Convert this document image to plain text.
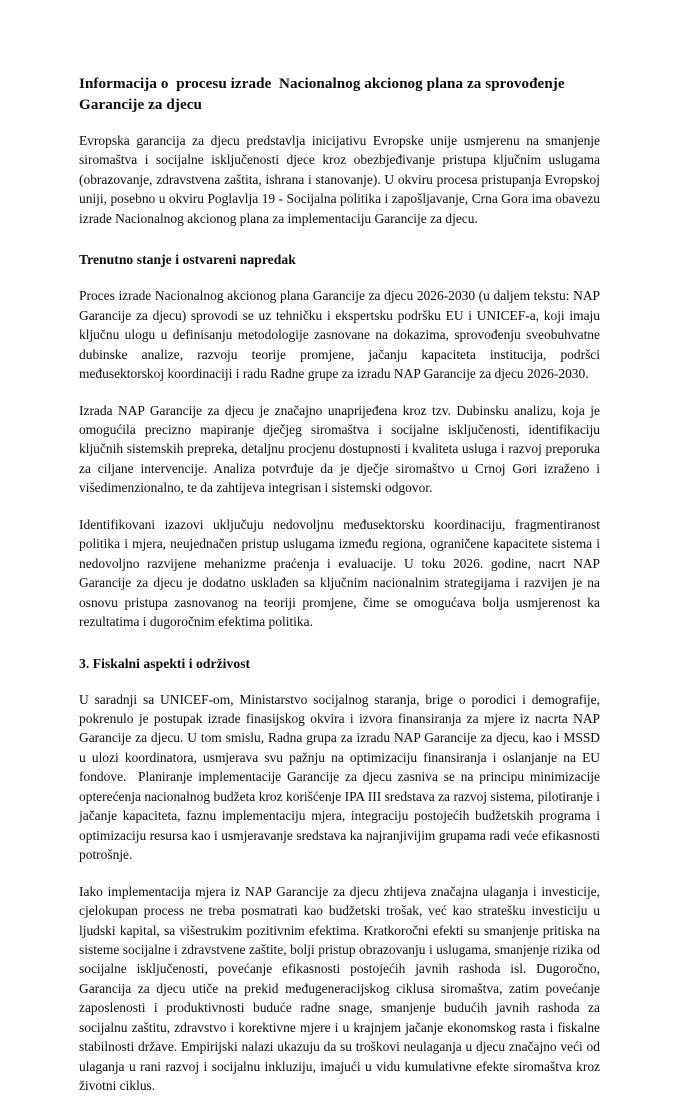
Informacija o  procesu izrade  Nacionalnog akcionog plana za sprovođenje Garancije za djecu

Evropska garancija za djecu predstavlja inicijativu Evropske unije usmjerenu na smanjenje siromaštva i socijalne isključenosti djece kroz obezbjeđivanje pristupa ključnim uslugama (obrazovanje, zdravstvena zaštita, ishrana i stanovanje). U okviru procesa pristupanja Evropskoj uniji, posebno u okviru Poglavlja 19 - Socijalna politika i zapošljavanje, Crna Gora ima obavezu izrade Nacionalnog akcionog plana za implementaciju Garancije za djecu.

Trenutno stanje i ostvareni napredak

Proces izrade Nacionalnog akcionog plana Garancije za djecu 2026-2030 (u daljem tekstu: NAP Garancije za djecu) sprovodi se uz tehničku i ekspertsku podršku EU i UNICEF-a, koji imaju ključnu ulogu u definisanju metodologije zasnovane na dokazima, sprovođenju sveobuhvatne dubinske analize, razvoju teorije promjene, jačanju kapaciteta institucija, podršci međusektorskoj koordinaciji i radu Radne grupe za izradu NAP Garancije za djecu 2026-2030.

Izrada NAP Garancije za djecu je značajno unaprijeđena kroz tzv. Dubinsku analizu, koja je omogućila precizno mapiranje dječjeg siromaštva i socijalne isključenosti, identifikaciju ključnih sistemskih prepreka, detaljnu procjenu dostupnosti i kvaliteta usluga i razvoj preporuka za ciljane intervencije. Analiza potvrđuje da je dječje siromaštvo u Crnoj Gori izraženo i višedimenzionalno, te da zahtijeva integrisan i sistemski odgovor.

Identifikovani izazovi uključuju nedovoljnu međusektorsku koordinaciju, fragmentiranost politika i mjera, neujednačen pristup uslugama između regiona, ograničene kapacitete sistema i nedovoljno razvijene mehanizme praćenja i evaluacije. U toku 2026. godine, nacrt NAP Garancije za djecu je dodatno usklađen sa ključnim nacionalnim strategijama i razvijen je na osnovu pristupa zasnovanog na teoriji promjene, čime se omogućava bolja usmjerenost ka rezultatima i dugoročnim efektima politika.

3. Fiskalni aspekti i održivost

U saradnji sa UNICEF-om, Ministarstvo socijalnog staranja, brige o porodici i demografije, pokrenulo je postupak izrade finasijskog okvira i izvora finansiranja za mjere iz nacrta NAP Garancije za djecu. U tom smislu, Radna grupa za izradu NAP Garancije za djecu, kao i MSSD u ulozi koordinatora, usmjerava svu pažnju na optimizaciju finansiranja i oslanjanje na EU fondove.  Planiranje implementacije Garancije za djecu zasniva se na principu minimizacije opterećenja nacionalnog budžeta kroz korišćenje IPA III sredstava za razvoj sistema, pilotiranje i jačanje kapaciteta, faznu implementaciju mjera, integraciju postojećih budžetskih programa i optimizaciju resursa kao i usmjeravanje sredstava ka najranjivijim grupama radi veće efikasnosti potrošnje.

Iako implementacija mjera iz NAP Garancije za djecu zhtijeva značajna ulaganja i investicije, cjelokupan process ne treba posmatrati kao budžetski trošak, već kao stratešku investiciju u ljudski kapital, sa višestrukim pozitivnim efektima. Kratkoročni efekti su smanjenje pritiska na sisteme socijalne i zdravstvene zaštite, bolji pristup obrazovanju i uslugama, smanjenje rizika od socijalne isključenosti, povećanje efikasnosti postojećih javnih rashoda isl. Dugoročno, Garancija za djecu utiče na prekid međugeneracijskog ciklusa siromaštva, zatim povećanje zaposlenosti i produktivnosti buduće radne snage, smanjenje budućih javnih rashoda za socijalnu zaštitu, zdravstvo i korektivne mjere i u krajnjem jačanje ekonomskog rasta i fiskalne stabilnosti države. Empirijski nalazi ukazuju da su troškovi neulaganja u djecu značajno veći od ulaganja u rani razvoj i socijalnu inkluziju, imajući u vidu kumulativne efekte siromaštva kroz životni ciklus.
